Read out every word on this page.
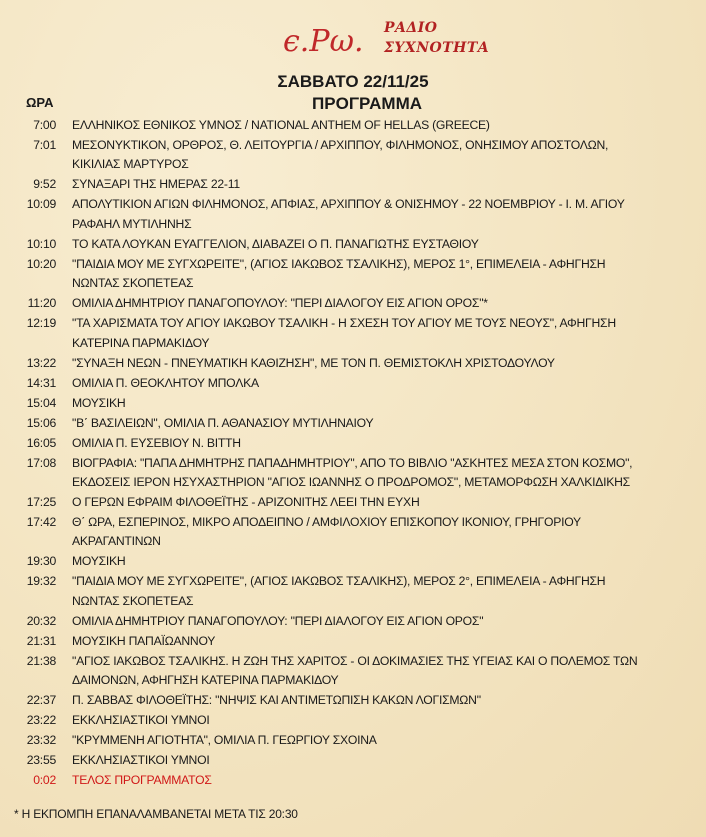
є.Ρω. ΡΑΔΙΟ
ΣΥΧΝΟΤΗΤΑ
ΣΑΒΒΑΤΟ 22/11/25
ΩΡΑ	ΠΡΟΓΡΑΜΜΑ
7:00 ΕΛΛΗΝΙΚΟΣ ΕΘΝΙΚΟΣ ΥΜΝΟΣ / NATIONAL ANTHEM OF HELLAS (GREECE)
7:01 ΜΕΣΟΝΥΚΤΙΚΟΝ, ΟΡΘΡΟΣ, Θ. ΛΕΙΤΟΥΡΓΙΑ / ΑΡΧΙΠΠΟΥ, ΦΙΛΗΜΟΝΟΣ, ΟΝΗΣΙΜΟΥ ΑΠΟΣΤΟΛΩΝ,
ΚΙΚΙΛΙΑΣ ΜΑΡΤΥΡΟΣ
9:52 ΣΥΝΑΞΑΡΙ ΤΗΣ ΗΜΕΡΑΣ 22-11
10:09 ΑΠΟΛΥΤΙΚΙΟΝ ΑΓΙΩΝ ΦΙΛΗΜΟΝΟΣ, ΑΠΦΙΑΣ, ΑΡΧΙΠΠΟΥ & ΟΝΙΣΗΜΟΥ - 22 ΝΟΕΜΒΡΙΟΥ - Ι. Μ. ΑΓΙΟΥ
ΡΑΦΑΗΛ ΜΥΤΙΛΗΝΗΣ
10:10 ΤΟ ΚΑΤΑ ΛΟΥΚΑΝ ΕΥΑΓΓΕΛΙΟΝ, ΔΙΑΒΑΖΕΙ Ο Π. ΠΑΝΑΓΙΩΤΗΣ ΕΥΣΤΑΘΙΟΥ
10:20 "ΠΑΙΔΙΑ ΜΟΥ ΜΕ ΣΥΓΧΩΡΕΙΤΕ", (ΑΓΙΟΣ ΙΑΚΩΒΟΣ ΤΣΑΛΙΚΗΣ), ΜΕΡΟΣ 1°, ΕΠΙΜΕΛΕΙΑ - ΑΦΗΓΗΣΗ
ΝΩΝΤΑΣ ΣΚΟΠΕΤΕΑΣ
11:20 ΟΜΙΛΙΑ ΔΗΜΗΤΡΙΟΥ ΠΑΝΑΓΟΠΟΥΛΟΥ: "ΠΕΡΙ ΔΙΑΛΟΓΟΥ ΕΙΣ ΑΓΙΟΝ ΟΡΟΣ"*
12:19 "ΤΑ ΧΑΡΙΣΜΑΤΑ ΤΟΥ ΑΓΙΟΥ ΙΑΚΩΒΟΥ ΤΣΑΛΙΚΗ - Η ΣΧΕΣΗ ΤΟΥ ΑΓΙΟΥ ΜΕ ΤΟΥΣ ΝΕΟΥΣ", ΑΦΗΓΗΣΗ
ΚΑΤΕΡΙΝΑ ΠΑΡΜΑΚΙΔΟΥ
13:22 "ΣΥΝΑΞΗ ΝΕΩΝ - ΠΝΕΥΜΑΤΙΚΗ ΚΑΘΙΖΗΣΗ", ΜΕ ΤΟΝ Π. ΘΕΜΙΣΤΟΚΛΗ ΧΡΙΣΤΟΔΟΥΛΟΥ
14:31 ΟΜΙΛΙΑ Π. ΘΕΟΚΛΗΤΟΥ ΜΠΟΛΚΑ
15:04 ΜΟΥΣΙΚΗ
15:06 "Β΄ ΒΑΣΙΛΕΙΩΝ", ΟΜΙΛΙΑ Π. ΑΘΑΝΑΣΙΟΥ ΜΥΤΙΛΗΝΑΙΟΥ
16:05 ΟΜΙΛΙΑ Π. ΕΥΣΕΒΙΟΥ Ν. ΒΙΤΤΗ
17:08 ΒΙΟΓΡΑΦΙΑ: "ΠΑΠΑ ΔΗΜΗΤΡΗΣ ΠΑΠΑΔΗΜΗΤΡΙΟΥ", ΑΠΟ ΤΟ ΒΙΒΛΙΟ "ΑΣΚΗΤΕΣ ΜΕΣΑ ΣΤΟΝ ΚΟΣΜΟ",
ΕΚΔΟΣΕΙΣ ΙΕΡΟΝ ΗΣΥΧΑΣΤΗΡΙΟΝ "ΑΓΙΟΣ ΙΩΑΝΝΗΣ Ο ΠΡΟΔΡΟΜΟΣ", ΜΕΤΑΜΟΡΦΩΣΗ ΧΑΛΚΙΔΙΚΗΣ
17:25 Ο ΓΕΡΩΝ ΕΦΡΑΙΜ ΦΙΛΟΘΕΪΤΗΣ - ΑΡΙΖΟΝΙΤΗΣ ΛΕΕΙ ΤΗΝ ΕΥΧΗ
17:42 Θ΄ ΩΡΑ, ΕΣΠΕΡΙΝΟΣ, ΜΙΚΡΟ ΑΠΟΔΕΙΠΝΟ / ΑΜΦΙΛΟΧΙΟΥ ΕΠΙΣΚΟΠΟΥ ΙΚΟΝΙΟΥ, ΓΡΗΓΟΡΙΟΥ
ΑΚΡΑΓΑΝΤΙΝΩΝ
19:30 ΜΟΥΣΙΚΗ
19:32 "ΠΑΙΔΙΑ ΜΟΥ ΜΕ ΣΥΓΧΩΡΕΙΤΕ", (ΑΓΙΟΣ ΙΑΚΩΒΟΣ ΤΣΑΛΙΚΗΣ), ΜΕΡΟΣ 2°, ΕΠΙΜΕΛΕΙΑ - ΑΦΗΓΗΣΗ
ΝΩΝΤΑΣ ΣΚΟΠΕΤΕΑΣ
20:32 ΟΜΙΛΙΑ ΔΗΜΗΤΡΙΟΥ ΠΑΝΑΓΟΠΟΥΛΟΥ: "ΠΕΡΙ ΔΙΑΛΟΓΟΥ ΕΙΣ ΑΓΙΟΝ ΟΡΟΣ"
21:31 ΜΟΥΣΙΚΗ ΠΑΠΑΪΩΑΝΝΟΥ
21:38 "ΑΓΙΟΣ ΙΑΚΩΒΟΣ ΤΣΑΛΙΚΗΣ. Η ΖΩΗ ΤΗΣ ΧΑΡΙΤΟΣ - ΟΙ ΔΟΚΙΜΑΣΙΕΣ ΤΗΣ ΥΓΕΙΑΣ ΚΑΙ Ο ΠΟΛΕΜΟΣ ΤΩΝ
ΔΑΙΜΟΝΩΝ, ΑΦΗΓΗΣΗ ΚΑΤΕΡΙΝΑ ΠΑΡΜΑΚΙΔΟΥ
22:37 Π. ΣΑΒΒΑΣ ΦΙΛΟΘΕΪΤΗΣ: "ΝΗΨΙΣ ΚΑΙ ΑΝΤΙΜΕΤΩΠΙΣΗ ΚΑΚΩΝ ΛΟΓΙΣΜΩΝ"
23:22 ΕΚΚΛΗΣΙΑΣΤΙΚΟΙ ΥΜΝΟΙ
23:32 "ΚΡΥΜΜΕΝΗ ΑΓΙΟΤΗΤΑ", ΟΜΙΛΙΑ Π. ΓΕΩΡΓΙΟΥ ΣΧΟΙΝΑ
23:55 ΕΚΚΛΗΣΙΑΣΤΙΚΟΙ ΥΜΝΟΙ
0:02 ΤΕΛΟΣ ΠΡΟΓΡΑΜΜΑΤΟΣ
* Η ΕΚΠΟΜΠΗ ΕΠΑΝΑΛΑΜΒΑΝΕΤΑΙ ΜΕΤΑ ΤΙΣ 20:30
